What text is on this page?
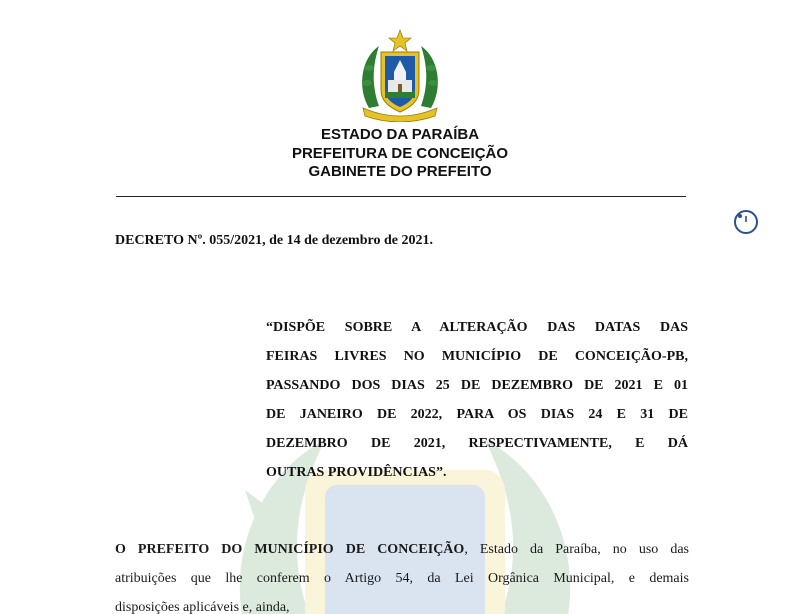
ESTADO DA PARAÍBA
PREFEITURA DE CONCEIÇÃO
GABINETE DO PREFEITO
DECRETO Nº. 055/2021, de 14 de dezembro de 2021.
“DISPÕE SOBRE A ALTERAÇÃO DAS DATAS DAS
FEIRAS LIVRES NO MUNICÍPIO DE CONCEIÇÃO-PB,
PASSANDO DOS DIAS 25 DE DEZEMBRO DE 2021 E 01
DE JANEIRO DE 2022, PARA OS DIAS 24 E 31 DE
DEZEMBRO DE 2021, RESPECTIVAMENTE, E DÁ
OUTRAS PROVIDÊNCIAS”.
O PREFEITO DO MUNICÍPIO DE CONCEIÇÃO, Estado da Paraíba, no uso das
atribuições que lhe conferem o Artigo 54, da Lei Orgânica Municipal, e demais
disposições aplicáveis e, ainda,
